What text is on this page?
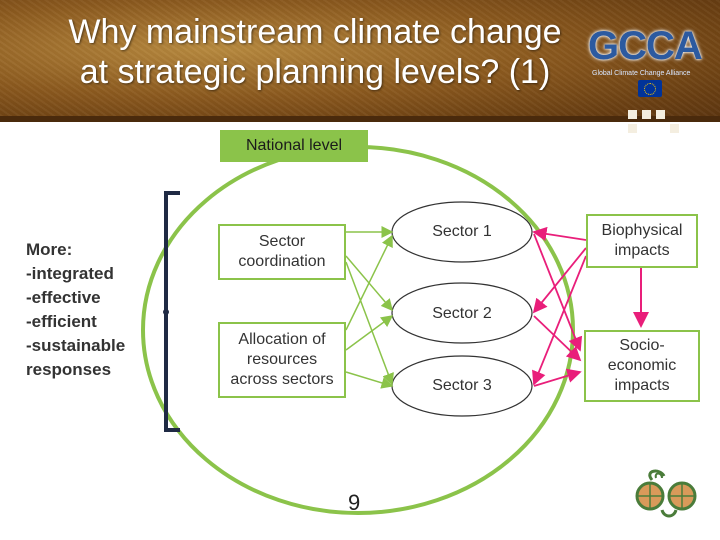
Why mainstream climate change
at strategic planning levels? (1)
GCCA
Global Climate Change Alliance
National level
More:
-integrated
-effective
-efficient
-sustainable
responses
Sector
coordination
Allocation of
resources
across sectors
Sector 1
Sector 2
Sector 3
Biophysical
impacts
Socio-
economic
impacts
9
